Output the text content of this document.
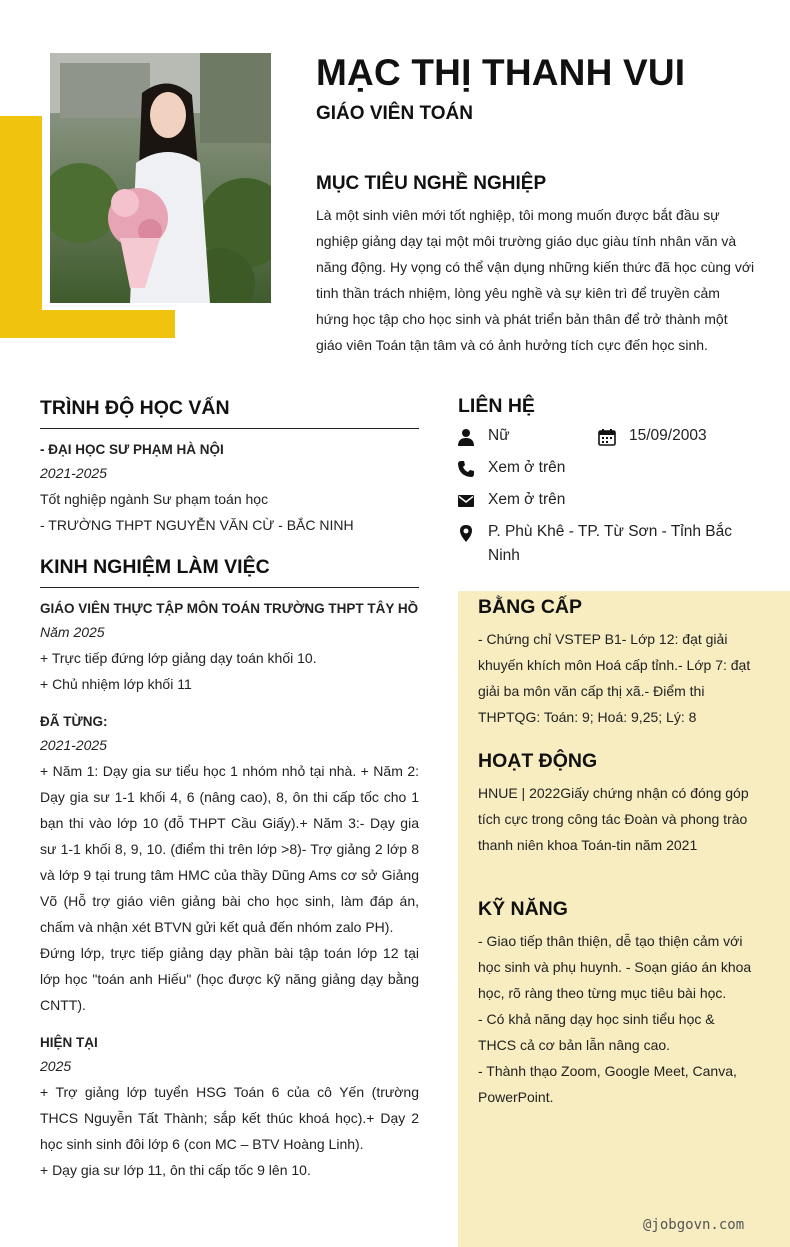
MẠC THỊ THANH VUI
GIÁO VIÊN TOÁN
MỤC TIÊU NGHỀ NGHIỆP

Là một sinh viên mới tốt nghiệp, tôi mong muốn được bắt đầu sự nghiệp giảng dạy tại một môi trường giáo dục giàu tính nhân văn và năng động. Hy vọng có thể vận dụng những kiến thức đã học cùng với tinh thần trách nhiệm, lòng yêu nghề và sự kiên trì để truyền cảm hứng học tập cho học sinh và phát triển bản thân để trở thành một giáo viên Toán tận tâm và có ảnh hưởng tích cực đến học sinh.

TRÌNH ĐỘ HỌC VẤN

- ĐẠI HỌC SƯ PHẠM HÀ NỘI

2021-2025

Tốt nghiệp ngành Sư phạm toán học

- TRƯỜNG THPT NGUYỄN VĂN CỪ - BẮC NINH

KINH NGHIỆM LÀM VIỆC

GIÁO VIÊN THỰC TẬP MÔN TOÁN TRƯỜNG THPT TÂY HỒ

Năm 2025

+ Trực tiếp đứng lớp giảng dạy toán khối 10.

+ Chủ nhiệm lớp khối 11

ĐÃ TỪNG:

2021-2025

+ Năm 1: Dạy gia sư tiểu học 1 nhóm nhỏ tại nhà. + Năm 2: Dạy gia sư 1-1 khối 4, 6 (nâng cao), 8, ôn thi cấp tốc cho 1 bạn thi vào lớp 10 (đỗ THPT Cầu Giấy).+ Năm 3:- Dạy gia sư 1-1 khối 8, 9, 10. (điểm thi trên lớp >8)- Trợ giảng 2 lớp 8 và lớp 9 tại trung tâm HMC của thầy Dũng Ams cơ sở Giảng Võ (Hỗ trợ giáo viên giảng bài cho học sinh, làm đáp án, chấm và nhận xét BTVN gửi kết quả đến nhóm zalo PH).

Đứng lớp, trực tiếp giảng dạy phần bài tập toán lớp 12 tại lớp học "toán anh Hiếu" (học được kỹ năng giảng dạy bằng CNTT).

HIỆN TẠI

2025

+ Trợ giảng lớp tuyển HSG Toán 6 của cô Yến (trường THCS Nguyễn Tất Thành; sắp kết thúc khoá học).+ Dạy 2 học sinh sinh đôi lớp 6 (con MC – BTV Hoàng Linh).

+ Dạy gia sư lớp 11, ôn thi cấp tốc 9 lên 10.

LIÊN HỆ

Nữ	15/09/2003

Xem ở trên

Xem ở trên

P. Phù Khê - TP. Từ Sơn - Tỉnh Bắc Ninh

BẰNG CẤP

- Chứng chỉ VSTEP B1- Lớp 12: đạt giải khuyến khích môn Hoá cấp tỉnh.- Lớp 7: đạt giải ba môn văn cấp thị xã.- Điểm thi THPTQG: Toán: 9; Hoá: 9,25; Lý: 8

HOẠT ĐỘNG

HNUE | 2022Giấy chứng nhận có đóng góp tích cực trong công tác Đoàn và phong trào thanh niên khoa Toán-tin năm 2021

KỸ NĂNG

- Giao tiếp thân thiện, dễ tạo thiện cảm với học sinh và phụ huynh. - Soạn giáo án khoa học, rõ ràng theo từng mục tiêu bài học.

- Có khả năng dạy học sinh tiểu học & THCS cả cơ bản lẫn nâng cao.

- Thành thạo Zoom, Google Meet, Canva, PowerPoint.

@jobgovn.com
